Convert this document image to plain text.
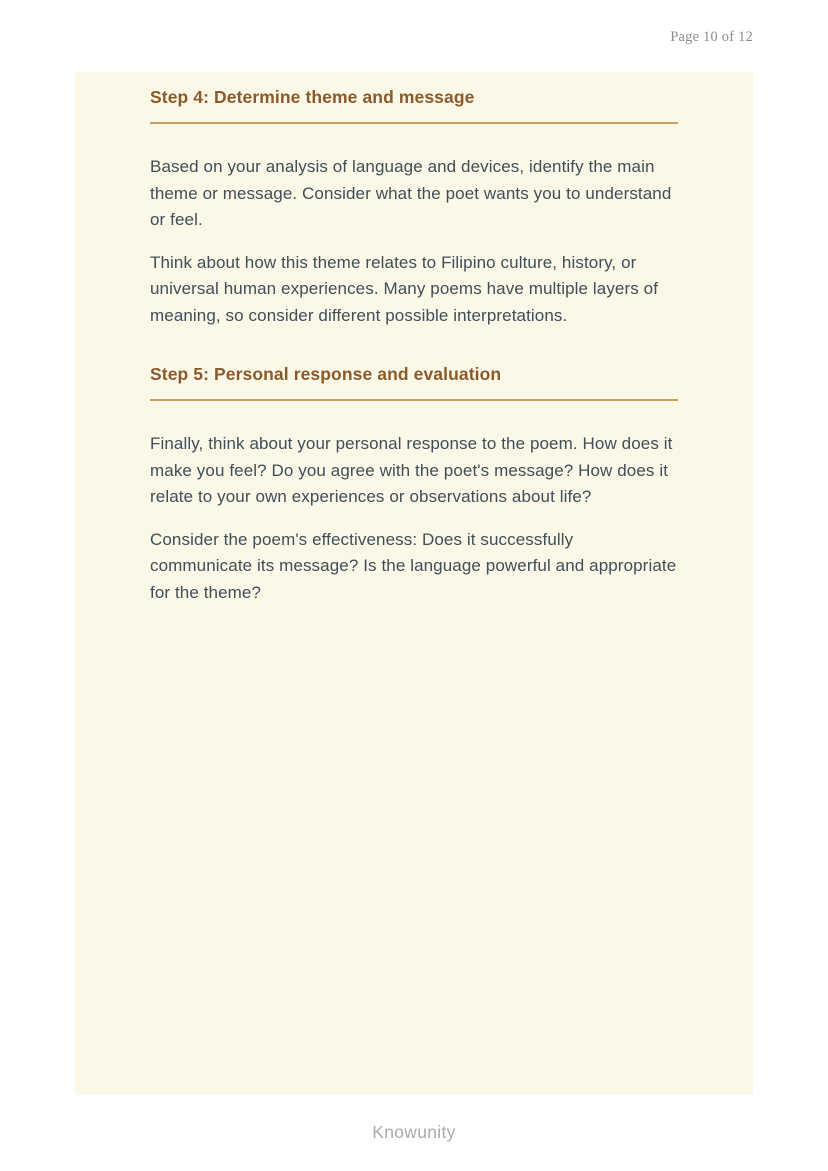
Page 10 of 12
Step 4: Determine theme and message

Based on your analysis of language and devices, identify the main theme or message. Consider what the poet wants you to understand or feel.

Think about how this theme relates to Filipino culture, history, or universal human experiences. Many poems have multiple layers of meaning, so consider different possible interpretations.

Step 5: Personal response and evaluation

Finally, think about your personal response to the poem. How does it make you feel? Do you agree with the poet's message? How does it relate to your own experiences or observations about life?

Consider the poem's effectiveness: Does it successfully communicate its message? Is the language powerful and appropriate for the theme?

Knowunity
